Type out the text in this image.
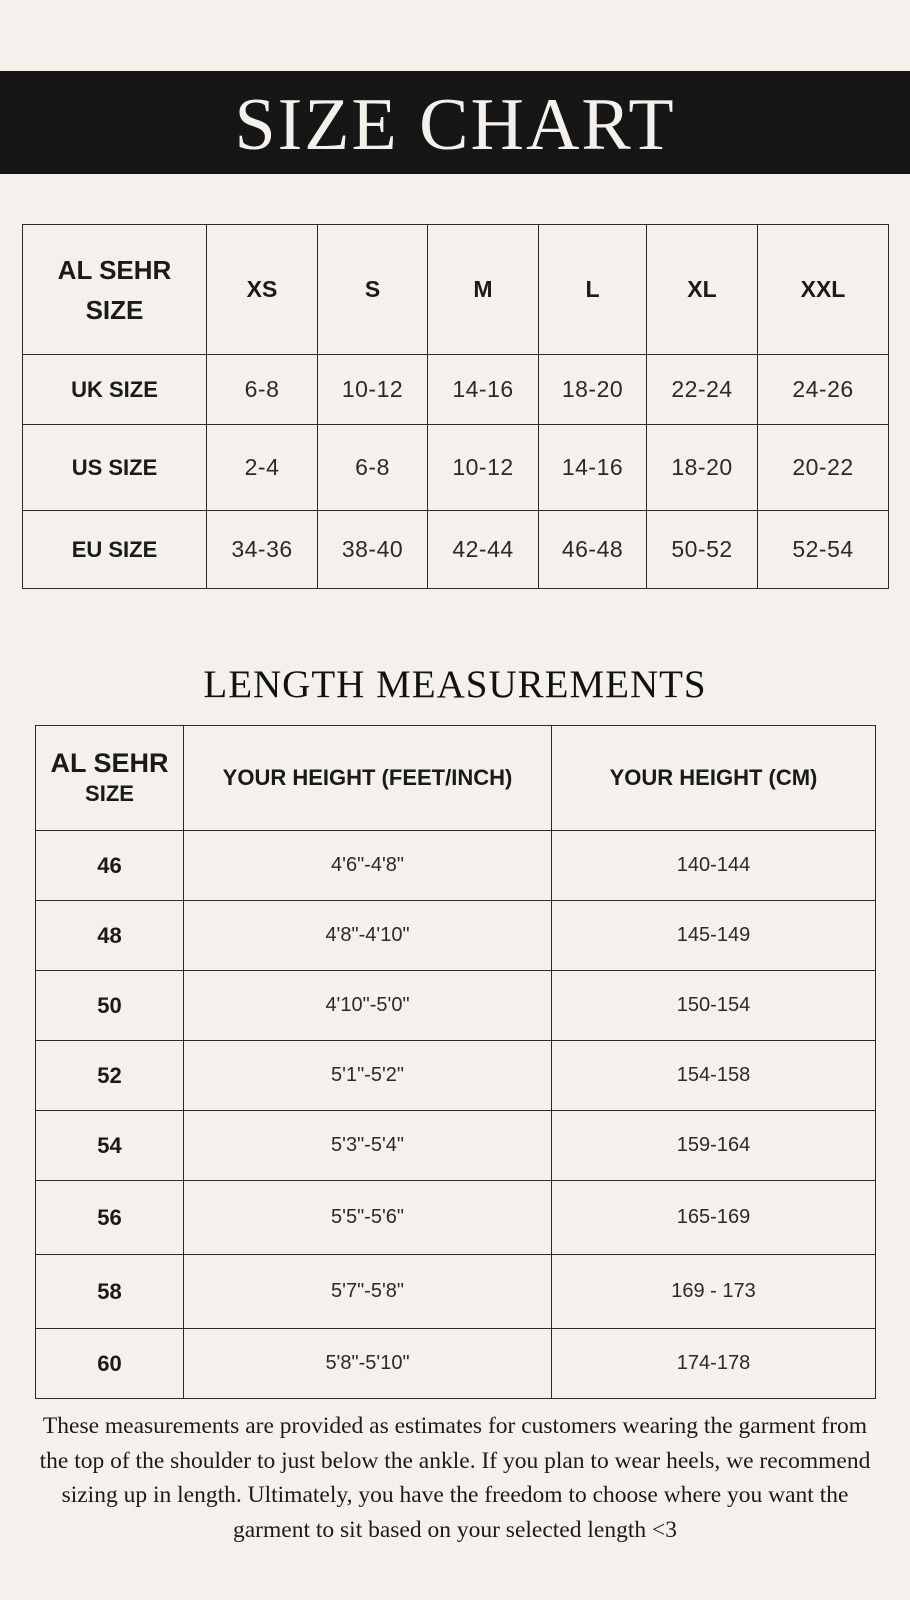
SIZE CHART
AL SEHR
SIZE	XS	S	M	L	XL	XXL
UK SIZE	6-8	10-12	14-16	18-20	22-24	24-26
US SIZE	2-4	6-8	10-12	14-16	18-20	20-22
EU SIZE	34-36	38-40	42-44	46-48	50-52	52-54
LENGTH MEASUREMENTS
AL SEHR
SIZE	YOUR HEIGHT (FEET/INCH)	YOUR HEIGHT (CM)
46	4'6"-4'8"	140-144
48	4'8"-4'10"	145-149
50	4'10"-5'0"	150-154
52	5'1"-5'2"	154-158
54	5'3"-5'4"	159-164
56	5'5"-5'6"	165-169
58	5'7"-5'8"	169 - 173
60	5'8"-5'10"	174-178

These measurements are provided as estimates for customers wearing the garment from the top of the shoulder to just below the ankle. If you plan to wear heels, we recommend sizing up in length. Ultimately, you have the freedom to choose where you want the garment to sit based on your selected length <3
